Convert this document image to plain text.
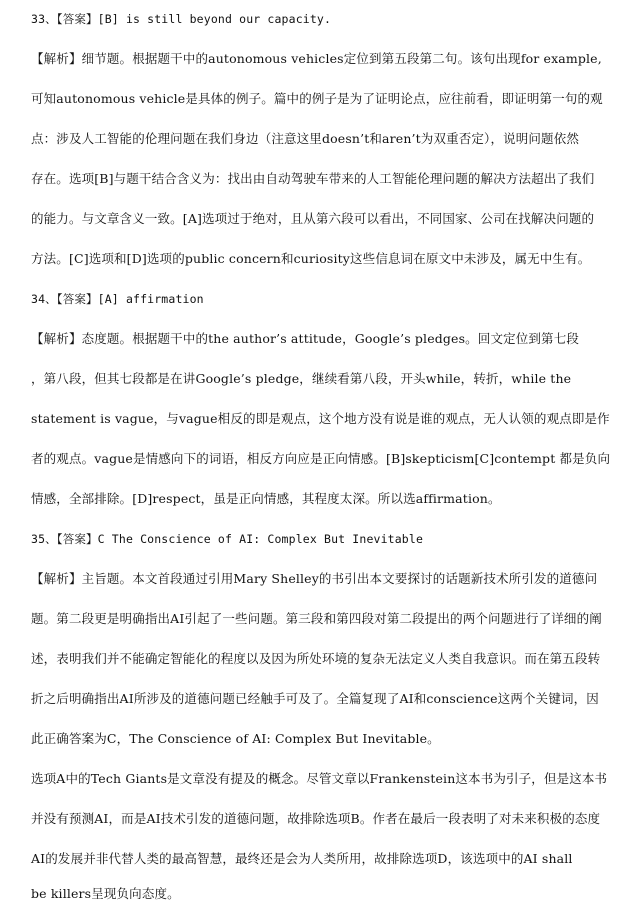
33、【答案】[B] is still beyond our capacity.
【解析】细节题。根据题干中的autonomous vehicles定位到第五段第二句。该句出现for example,
可知autonomous vehicle是具体的例子。篇中的例子是为了证明论点，应往前看，即证明第一句的观
点：涉及人工智能的伦理问题在我们身边（注意这里doesn’t和aren’t为双重否定），说明问题依然
存在。选项[B]与题干结合含义为：找出由自动驾驶车带来的人工智能伦理问题的解决方法超出了我们
的能力。与文章含义一致。[A]选项过于绝对，且从第六段可以看出，不同国家、公司在找解决问题的
方法。[C]选项和[D]选项的public concern和curiosity这些信息词在原文中未涉及，属无中生有。
34、【答案】[A] affirmation
【解析】态度题。根据题干中的the author’s attitude，Google’s pledges。回文定位到第七段
，第八段，但其七段都是在讲Google’s pledge，继续看第八段，开头while，转折，while the
statement is vague，与vague相反的即是观点，这个地方没有说是谁的观点，无人认领的观点即是作
者的观点。vague是情感向下的词语，相反方向应是正向情感。[B]skepticism[C]contempt 都是负向
情感，全部排除。[D]respect，虽是正向情感，其程度太深。所以选affirmation。
35、【答案】C The Conscience of AI: Complex But Inevitable
【解析】主旨题。本文首段通过引用Mary Shelley的书引出本文要探讨的话题新技术所引发的道德问
题。第二段更是明确指出AI引起了一些问题。第三段和第四段对第二段提出的两个问题进行了详细的阐
述，表明我们并不能确定智能化的程度以及因为所处环境的复杂无法定义人类自我意识。而在第五段转
折之后明确指出AI所涉及的道德问题已经触手可及了。全篇复现了AI和conscience这两个关键词，因
此正确答案为C，The Conscience of AI: Complex But Inevitable。
选项A中的Tech Giants是文章没有提及的概念。尽管文章以Frankenstein这本书为引子，但是这本书
并没有预测AI，而是AI技术引发的道德问题，故排除选项B。作者在最后一段表明了对未来积极的态度
AI的发展并非代替人类的最高智慧，最终还是会为人类所用，故排除选项D，该选项中的AI shall
be killers呈现负向态度。
